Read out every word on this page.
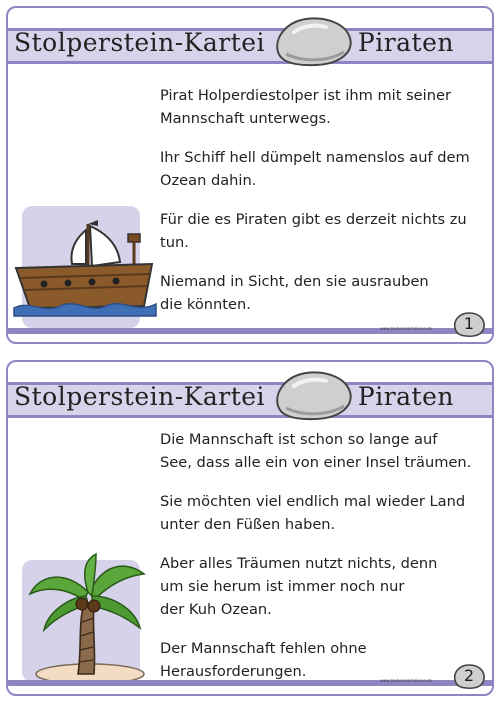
Stolperstein-Kartei	Piraten

Pirat Holperdiestolper ist ihm mit seiner
Mannschaft unterwegs.

Ihr Schiff hell dümpelt namenslos auf dem
Ozean dahin.

Für die es Piraten gibt es derzeit nichts zu
tun.

Niemand in Sicht, den sie ausrauben
die könnten.

www.zaubereinmaleins.de	1
Stolperstein-Kartei	Piraten

Die Mannschaft ist schon so lange auf
See, dass alle ein von einer Insel träumen.

Sie möchten viel endlich mal wieder Land
unter den Füßen haben.

Aber alles Träumen nutzt nichts, denn
um sie herum ist immer noch nur
der Kuh Ozean.

Der Mannschaft fehlen ohne
Herausforderungen.

www.zaubereinmaleins.de	2
